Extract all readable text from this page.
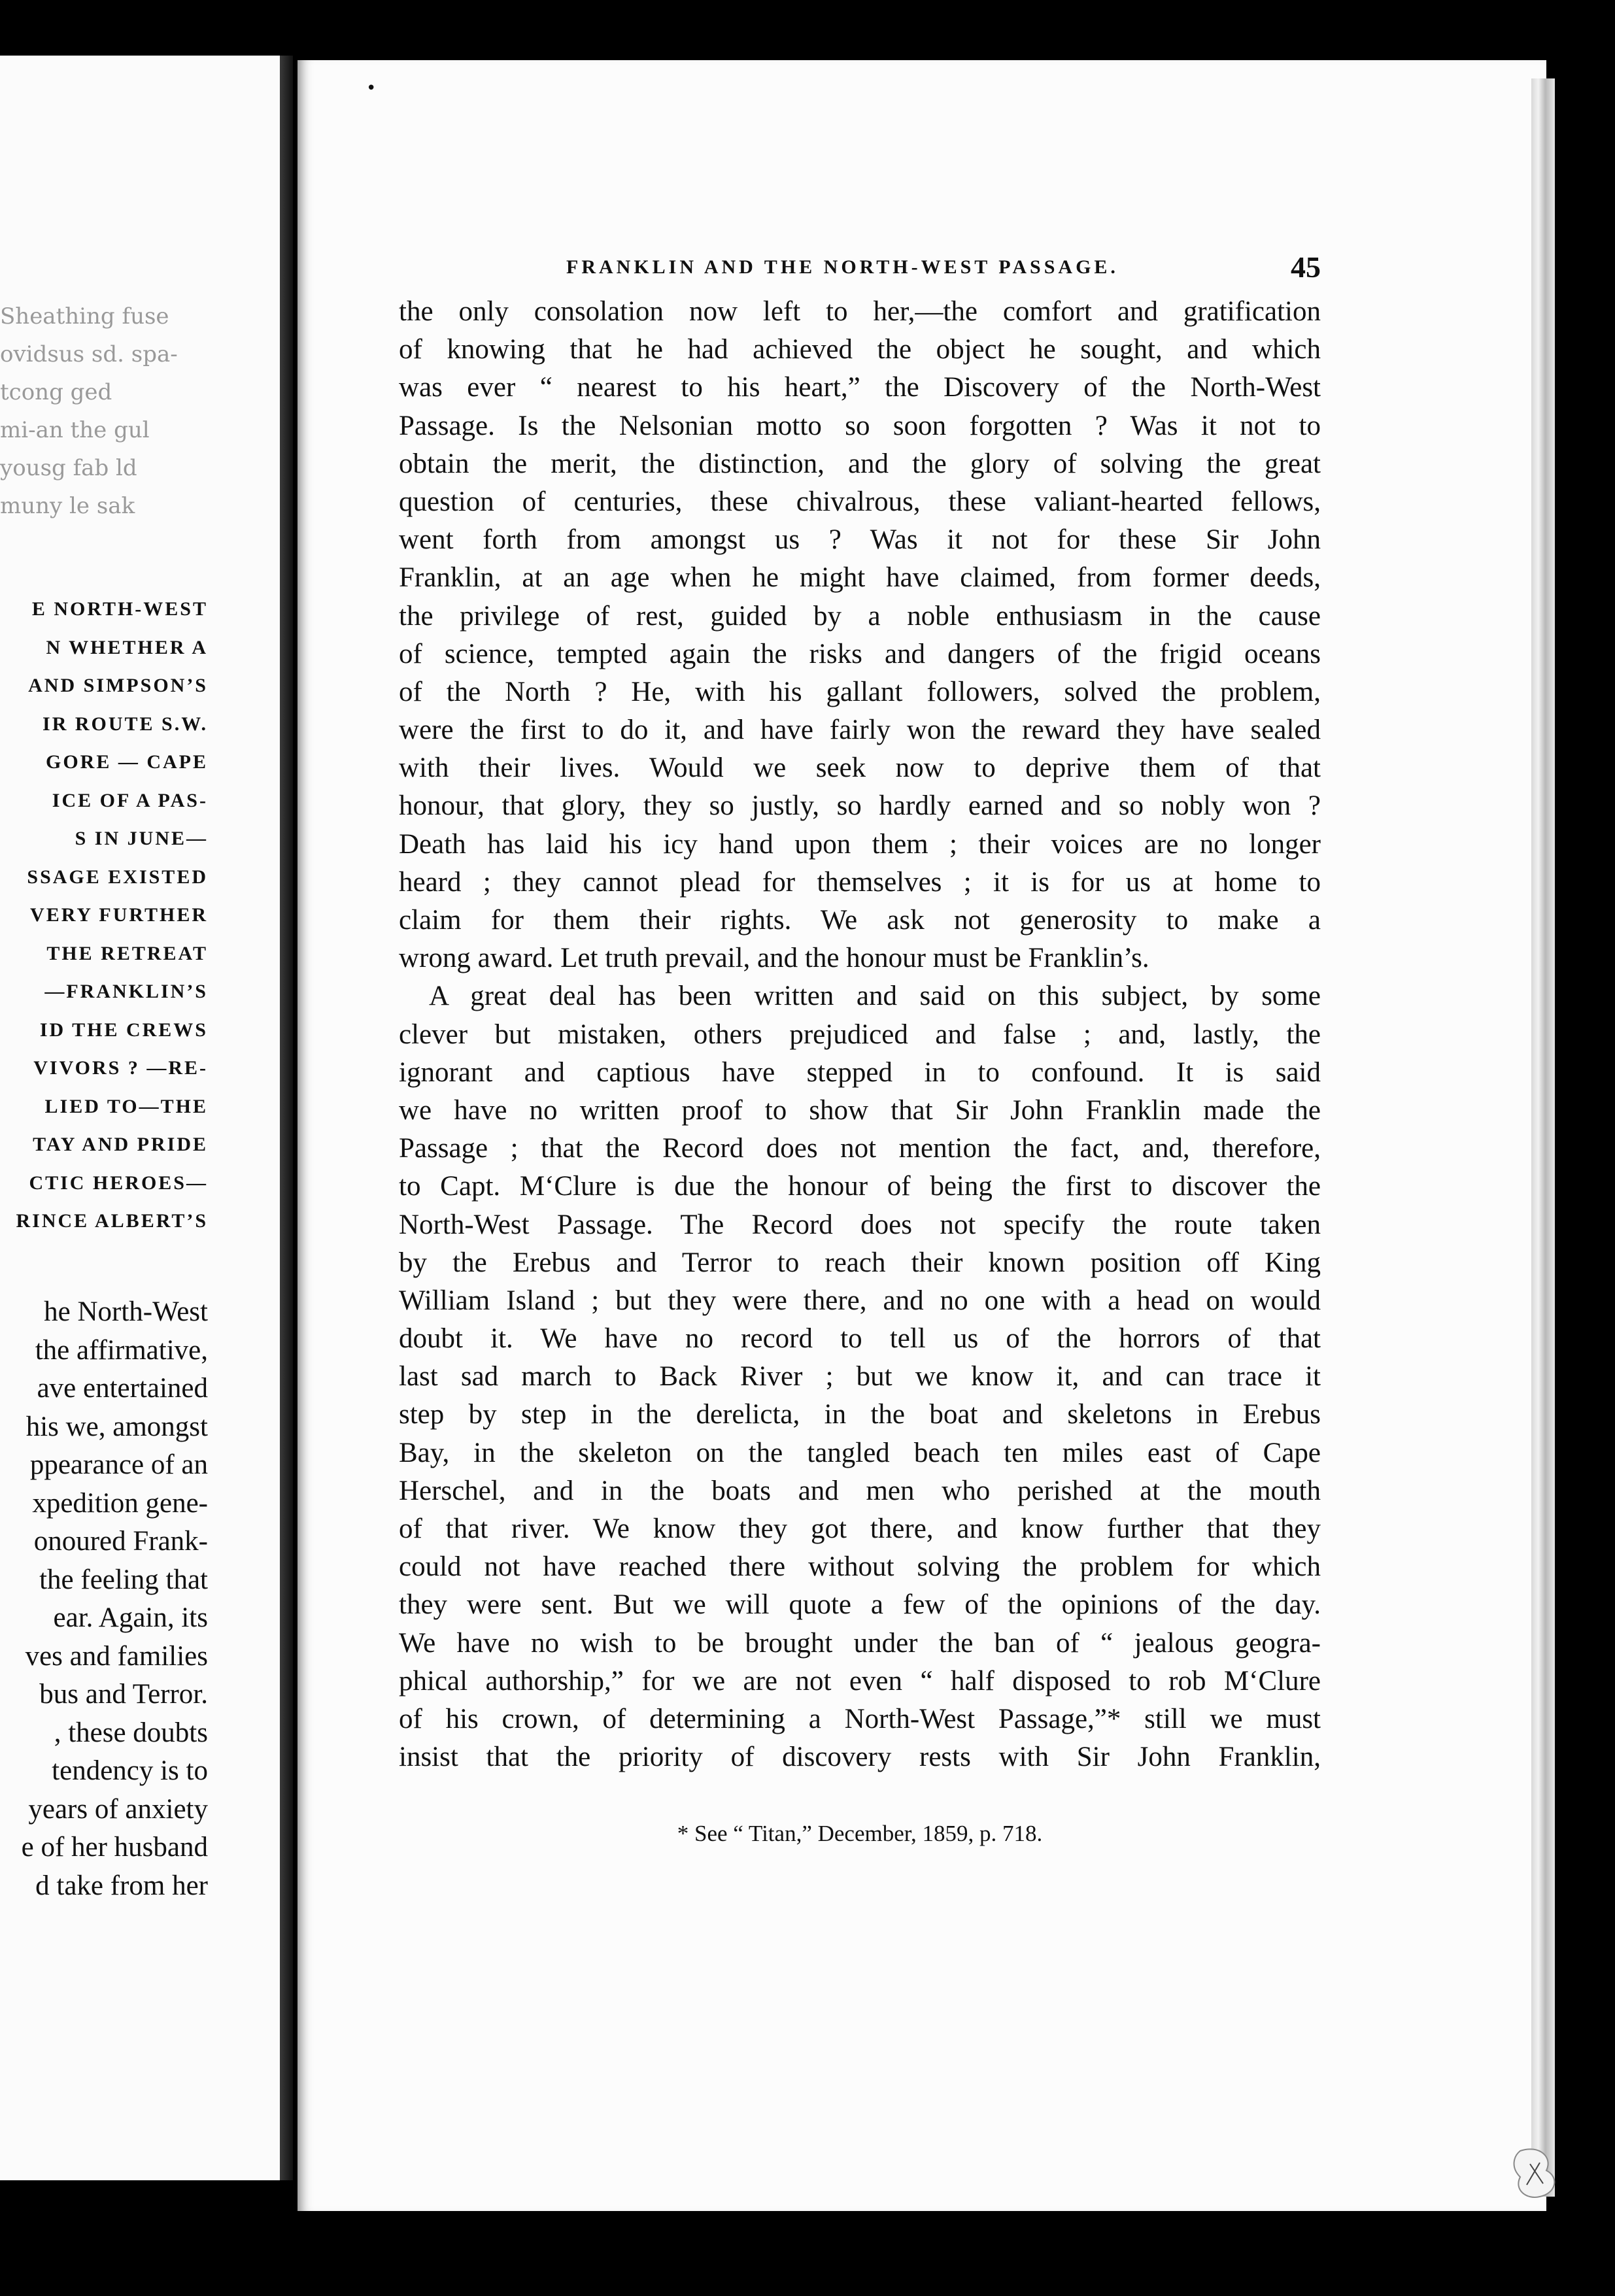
Sheathing fuse
ovidsus sd. spa-
tcong ged
mi-an the gul
yousg fab ld
muny le sak
E NORTH-WEST
N WHETHER A
AND SIMPSON’S
IR ROUTE S.W.
GORE — CAPE
ICE OF A PAS-
S IN JUNE—
SSAGE EXISTED
VERY FURTHER
THE RETREAT
—FRANKLIN’S
ID THE CREWS
VIVORS ? —RE-
LIED TO—THE
TAY AND PRIDE
CTIC HEROES—
RINCE ALBERT’S
he North-West
the affirmative,
ave entertained
his we, amongst
ppearance of an
xpedition gene-
onoured Frank-
the feeling that
ear. Again, its
ves and families
bus and Terror.
, these doubts
tendency is to
years of anxiety
e of her husband
d take from her
•
FRANKLIN AND THE NORTH-WEST PASSAGE.	45
the only consolation now left to her,—the comfort and gratification
of knowing that he had achieved the object he sought, and which
was ever “ nearest to his heart,” the Discovery of the North-West
Passage. Is the Nelsonian motto so soon forgotten ? Was it not to
obtain the merit, the distinction, and the glory of solving the great
question of centuries, these chivalrous, these valiant-hearted fellows,
went forth from amongst us ? Was it not for these Sir John
Franklin, at an age when he might have claimed, from former deeds,
the privilege of rest, guided by a noble enthusiasm in the cause
of science, tempted again the risks and dangers of the frigid oceans
of the North ? He, with his gallant followers, solved the problem,
were the first to do it, and have fairly won the reward they have sealed
with their lives. Would we seek now to deprive them of that
honour, that glory, they so justly, so hardly earned and so nobly won ?
Death has laid his icy hand upon them ; their voices are no longer
heard ; they cannot plead for themselves ; it is for us at home to
claim for them their rights. We ask not generosity to make a
wrong award. Let truth prevail, and the honour must be Franklin’s.
A great deal has been written and said on this subject, by some
clever but mistaken, others prejudiced and false ; and, lastly, the
ignorant and captious have stepped in to confound. It is said
we have no written proof to show that Sir John Franklin made the
Passage ; that the Record does not mention the fact, and, therefore,
to Capt. M‘Clure is due the honour of being the first to discover the
North-West Passage. The Record does not specify the route taken
by the Erebus and Terror to reach their known position off King
William Island ; but they were there, and no one with a head on would
doubt it. We have no record to tell us of the horrors of that
last sad march to Back River ; but we know it, and can trace it
step by step in the derelicta, in the boat and skeletons in Erebus
Bay, in the skeleton on the tangled beach ten miles east of Cape
Herschel, and in the boats and men who perished at the mouth
of that river. We know they got there, and know further that they
could not have reached there without solving the problem for which
they were sent. But we will quote a few of the opinions of the day.
We have no wish to be brought under the ban of “ jealous geogra-
phical authorship,” for we are not even “ half disposed to rob M‘Clure
of his crown, of determining a North-West Passage,”* still we must
insist that the priority of discovery rests with Sir John Franklin,
* See “ Titan,” December, 1859, p. 718.
